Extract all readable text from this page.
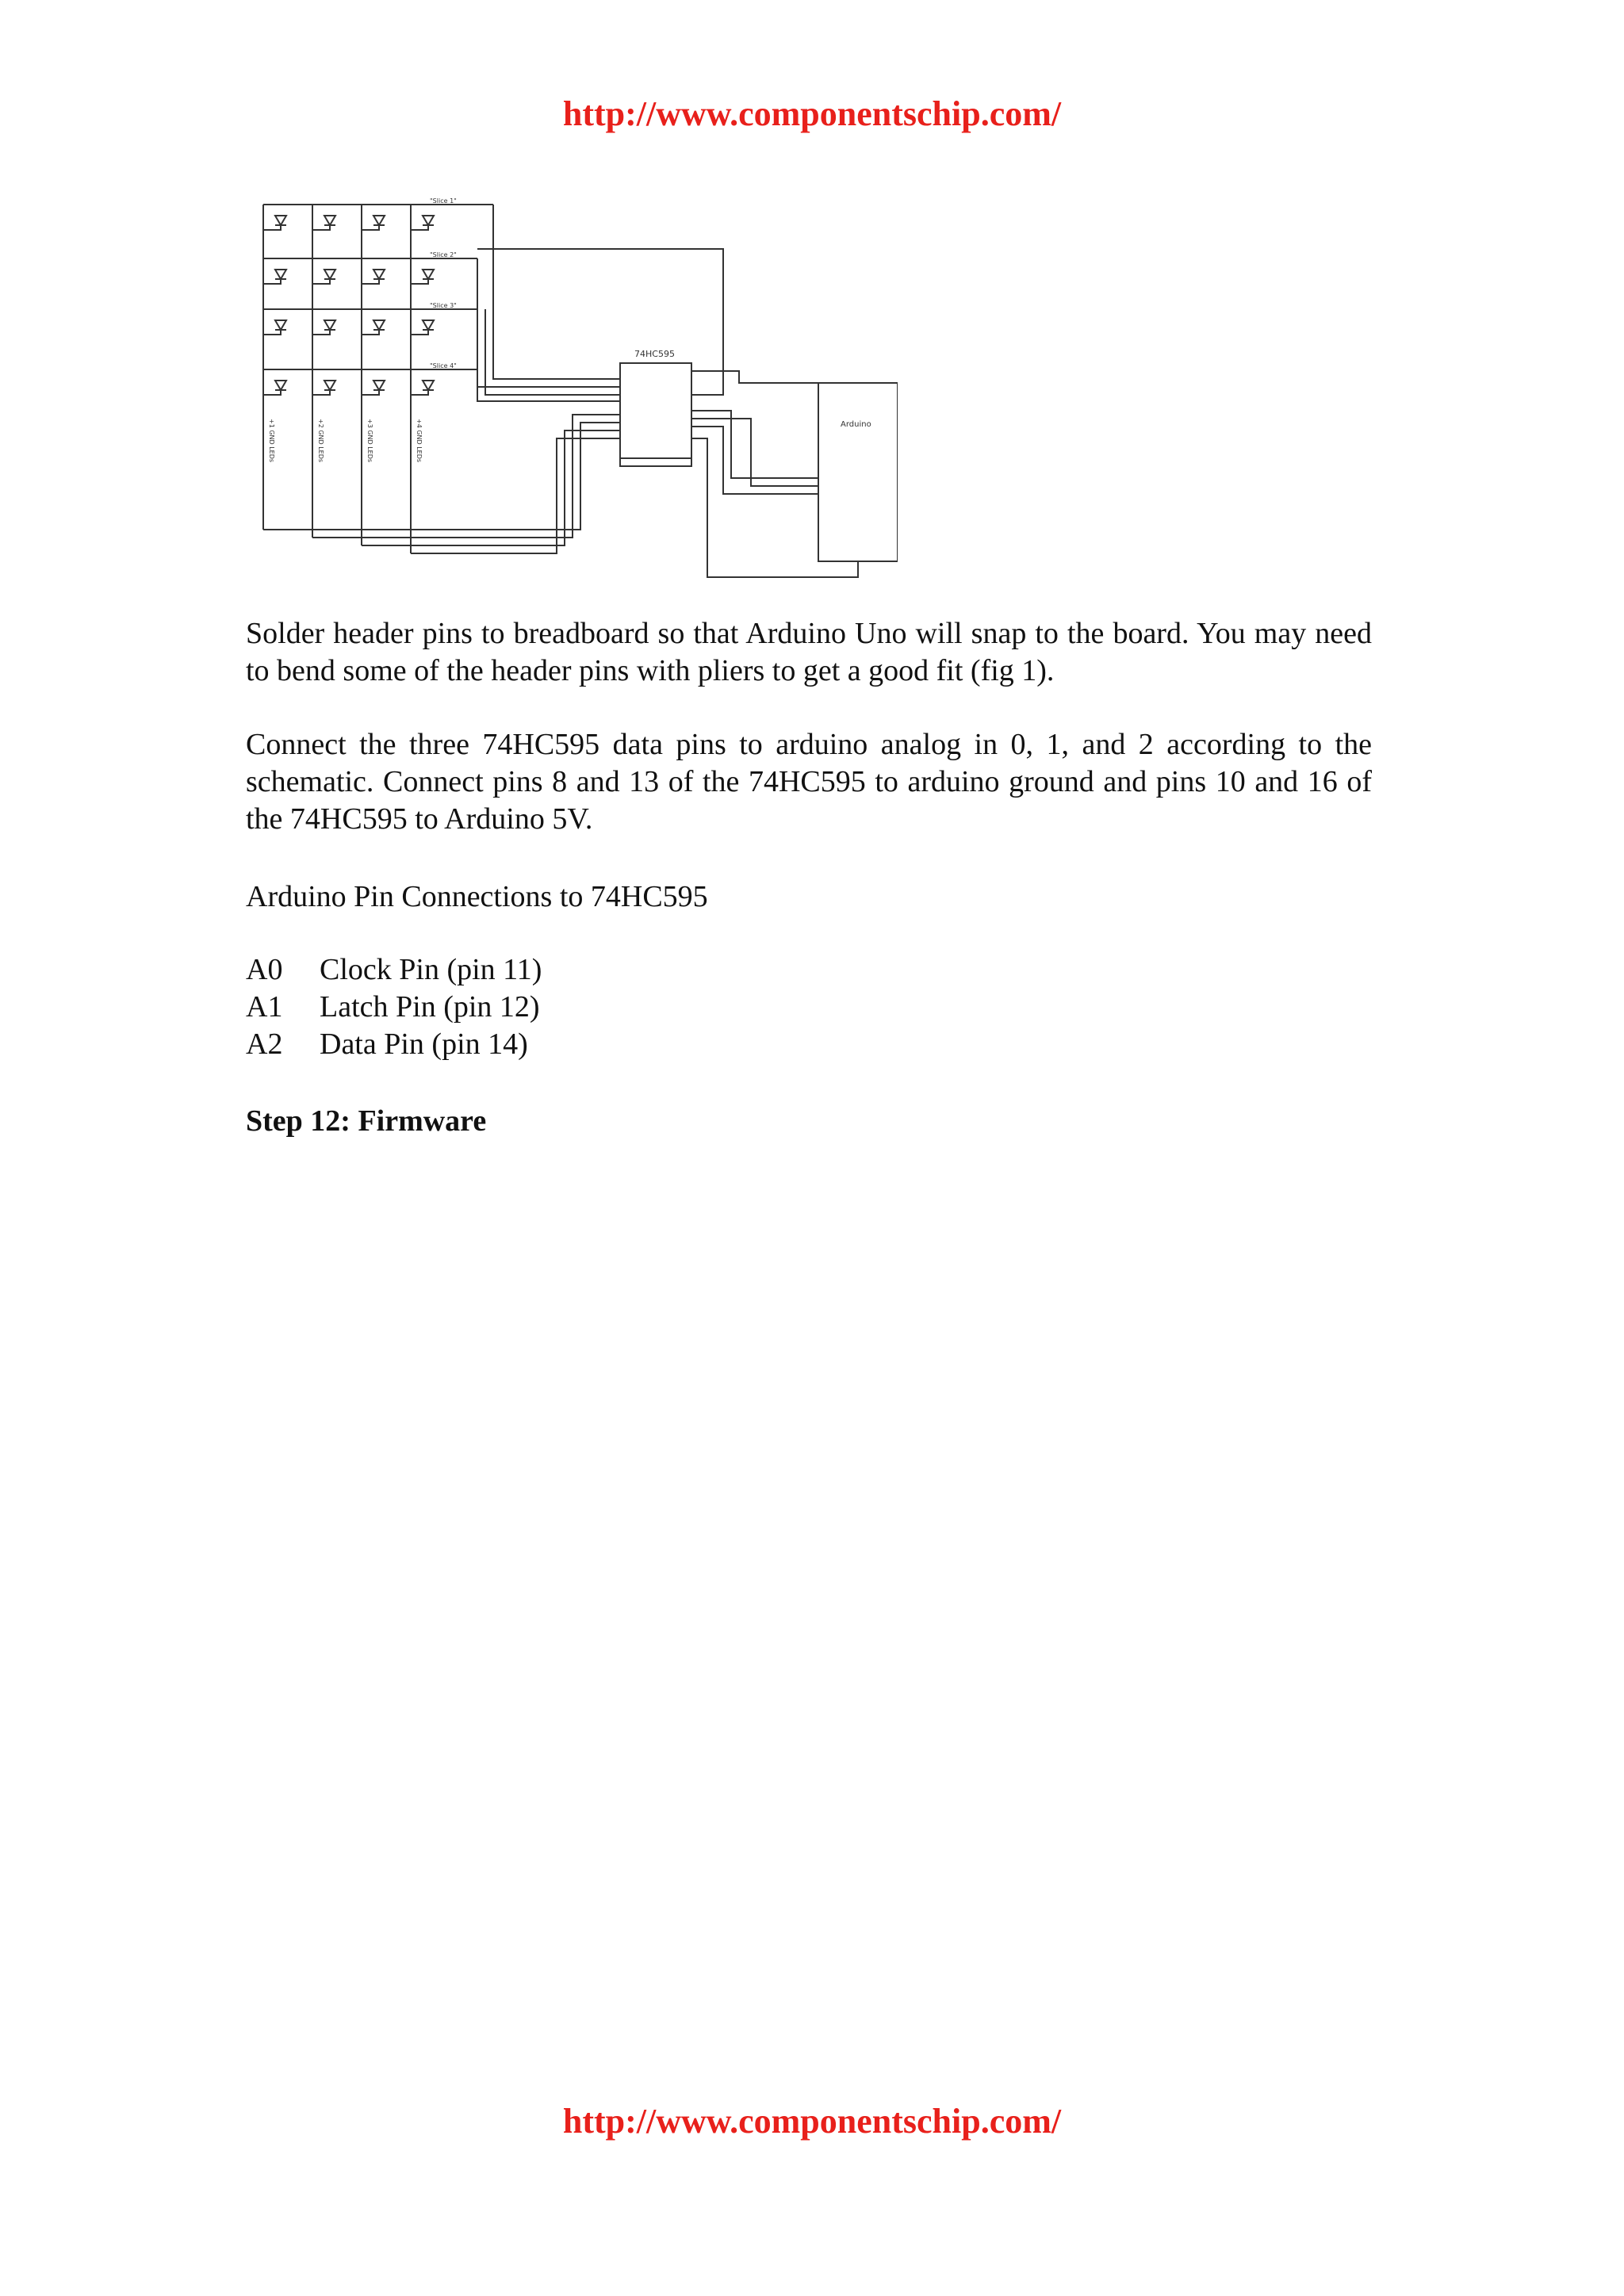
http://www.componentschip.com/
74HC595
Arduino
"Slice 1"
"Slice 2"
"Slice 3"
"Slice 4"
+1 GND LEDs	+2 GND LEDs	+3 GND LEDs	+4 GND LEDs

Solder header pins to breadboard so that Arduino Uno will snap to the board. You may need to bend some of the header pins with pliers to get a good fit (fig 1).

Connect the three 74HC595 data pins to arduino analog in 0, 1, and 2 according to the schematic. Connect pins 8 and 13 of the 74HC595 to arduino ground and pins 10 and 16 of the 74HC595 to Arduino 5V.

Arduino Pin Connections to 74HC595

A0	Clock Pin (pin 11)
A1	Latch Pin (pin 12)
A2	Data Pin (pin 14)
Step 12: Firmware
http://www.componentschip.com/
